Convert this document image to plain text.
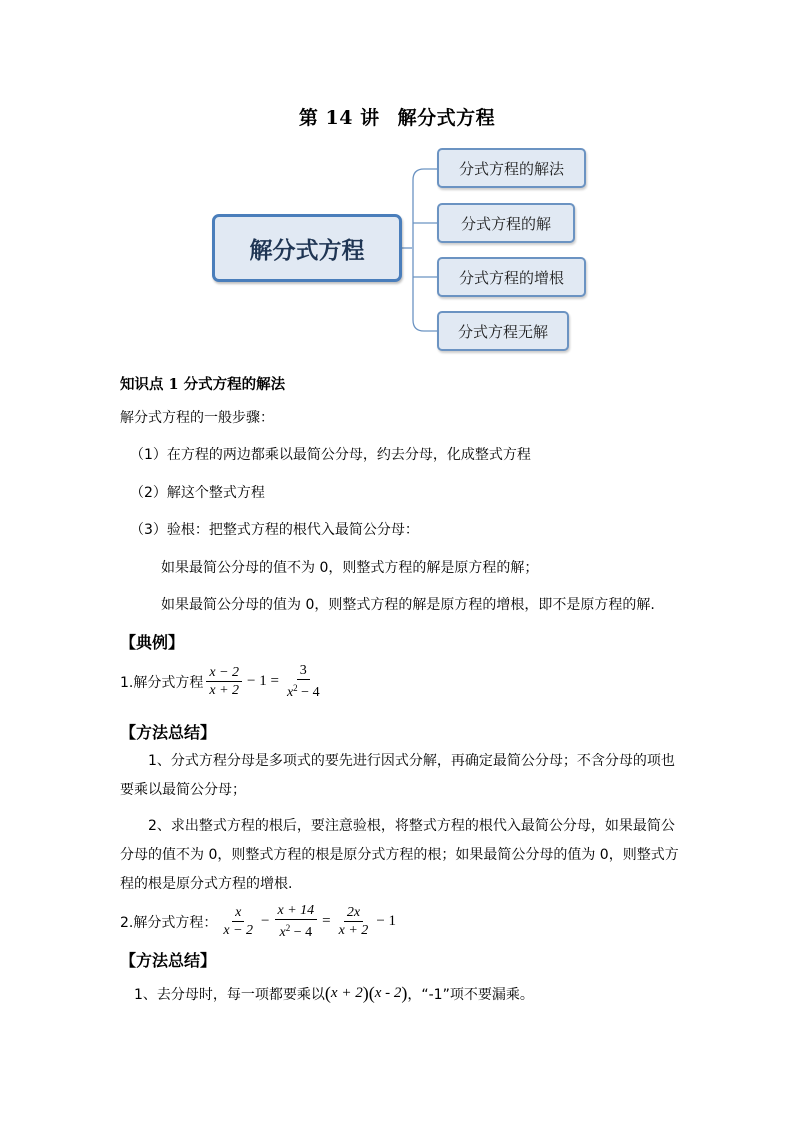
第 14 讲 解分式方程
解分式方程
分式方程的解法
分式方程的解
分式方程的增根
分式方程无解
知识点 1 分式方程的解法
解分式方程的一般步骤：
（1）在方程的两边都乘以最简公分母，约去分母，化成整式方程
（2）解这个整式方程
（3）验根：把整式方程的根代入最简公分母：
如果最简公分母的值不为 0，则整式方程的解是原方程的解；
如果最简公分母的值为 0，则整式方程的解是原方程的增根，即不是原方程的解.
【典例】
1.解分式方程 $\frac{x - 2}{x + 2} - 1 = \frac{3}{x^2 - 4}$
【方法总结】
1、分式方程分母是多项式的要先进行因式分解，再确定最简公分母；不含分母的项也要乘以最简公分母；
2、求出整式方程的根后，要注意验根，将整式方程的根代入最简公分母，如果最简公分母的值不为 0，则整式方程的根是原分式方程的根；如果最简公分母的值为 0，则整式方程的根是原分式方程的增根.
2.解分式方程： $\frac{x}{x - 2} - \frac{x + 14}{x^2 - 4} = \frac{2x}{x + 2} - 1$
【方法总结】
1、去分母时，每一项都要乘以 ( x + 2 ) ( x - 2 ) ，“-1”项不要漏乘。
